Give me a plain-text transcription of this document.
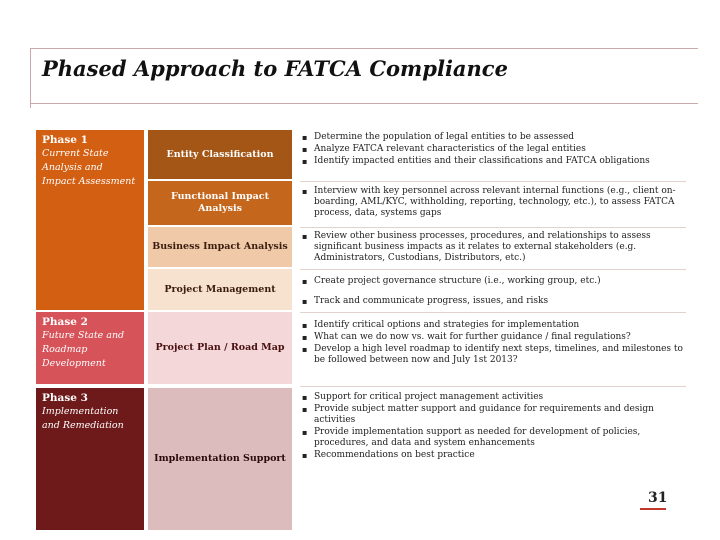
Phased Approach to FATCA Compliance
Phase 1
Current State Analysis and Impact Assessment
Phase 2
Future State and Roadmap Development
Phase 3
Implementation and Remediation
Entity Classification
Functional Impact Analysis
Business Impact Analysis
Project Management
Project Plan / Road Map
Implementation Support
▪ Determine the population of legal entities to be assessed
▪ Analyze FATCA relevant characteristics of the legal entities
▪ Identify impacted entities and their classifications and FATCA obligations
▪ Interview with key personnel across relevant internal functions (e.g., client on-boarding, AML/KYC, withholding, reporting, technology, etc.), to assess FATCA process, data, systems gaps
▪ Review other business processes, procedures, and relationships to assess significant business impacts as it relates to external stakeholders (e.g. Administrators, Custodians, Distributors, etc.)
▪ Create project governance structure (i.e., working group, etc.)
▪ Track and communicate progress, issues, and risks
▪ Identify critical options and strategies for implementation
▪ What can we do now vs. wait for further guidance / final regulations?
▪ Develop a high level roadmap to identify next steps, timelines, and milestones to be followed between now and July 1st 2013?
▪ Support for critical project management activities
▪ Provide subject matter support and guidance for requirements and design activities
▪ Provide implementation support as needed for development of policies, procedures, and data and system enhancements
▪ Recommendations on best practice
31
